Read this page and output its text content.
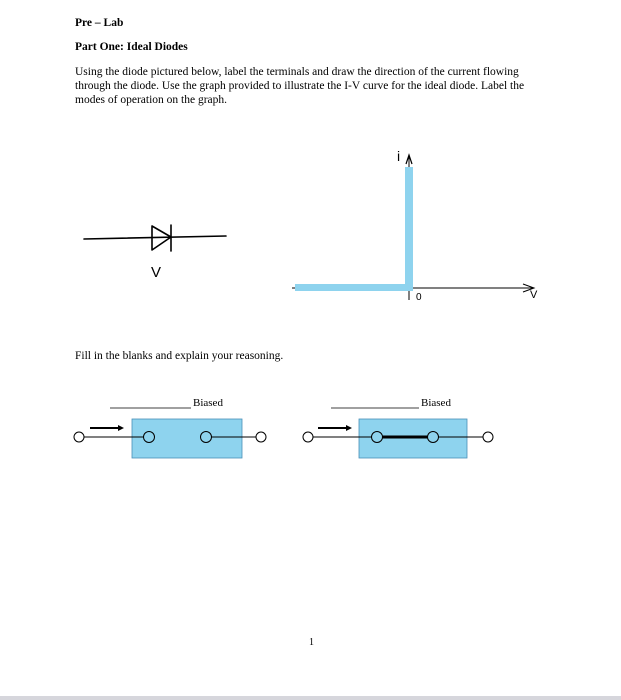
Pre – Lab
Part One: Ideal Diodes
Using the diode pictured below, label the terminals and draw the direction of the current flowing through the diode. Use the graph provided to illustrate the I-V curve for the ideal diode. Label the modes of operation on the graph.
V
i
V
0
Fill in the blanks and explain your reasoning.
Biased	Biased
1
